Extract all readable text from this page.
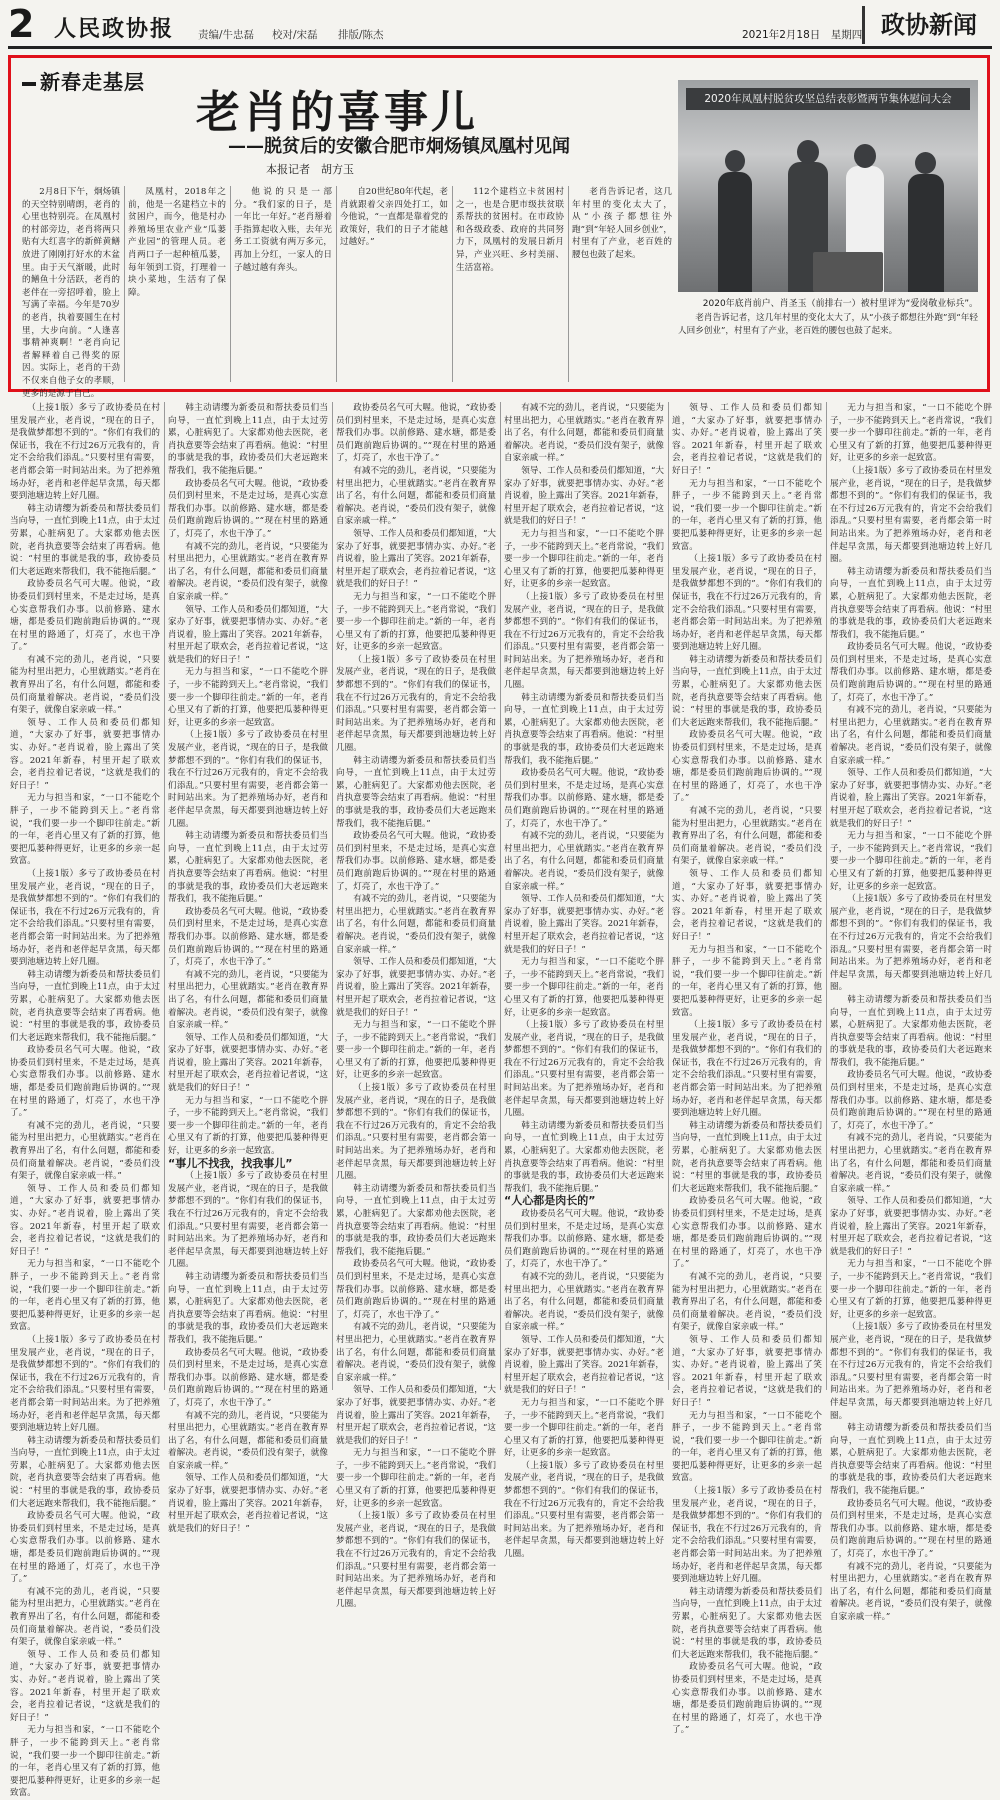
2 人民政协报 责编/牛忠磊 校对/宋磊 排版/陈杰	2021年2月18日　星期四 政协新闻
新春走基层
老肖的喜事儿
——脱贫后的安徽合肥市炯炀镇凤凰村见闻
本报记者　胡方玉
2020年凤凰村脱贫攻坚总结表彰暨两节集体慰问大会
2020年底肖前户、肖圣玉（前排右一）被村里评为“爱岗敬业标兵”。

2月8日下午，炯炀镇的天空特别晴朗，老肖的心里也特别亮。在凤凰村的村部旁边，老肖将两只贴有大红喜字的新鲜黄鳝放进了刚刚打好水的木盆里。由于天气渐暖，此时的鳝鱼十分活跃，老肖的老伴在一旁招呼着，脸上写满了幸福。今年是70岁的老肖，执着要圆生在村里，大步向前。“人逢喜事精神爽啊！”老肖向记者解释着自己得奖的原因。实际上，老肖的干劲不仅来自他子女的孝顺，更多的是源于自己。

凤凰村，2018年之前，他是一名建档立卡的贫困户，而今，他是村办养殖场里农业产业“瓜蒌产业园”的管理人员。老肖两口子一起种植瓜蒌，每年领到工资，打理着一块小菜地，生活有了保障。

他说的只是一部分。“我们家的日子，是一年比一年好。”老肖掰着手指算起收入账，去年光务工工资就有两万多元，再加上分红，一家人的日子越过越有奔头。

自20世纪80年代起，老肖就跟着父亲四处打工，如今他说，“一直都是靠着党的政策好，我们的日子才能越过越好。”

112个建档立卡贫困村之一，也是合肥市级扶贫联系帮扶的贫困村。在市政协和各级政委、政府的共同努力下，凤凰村的发展日新月异，产业兴旺、乡村美丽、生活富裕。

老肖告诉记者，这几年村里的变化太大了，从“小孩子都想往外跑”到“年轻人回乡创业”，村里有了产业，老百姓的腰包也鼓了起来。

老肖告诉记者，这几年村里的变化太大了，从“小孩子都想往外跑”到“年轻人回乡创业”，村里有了产业，老百姓的腰包也鼓了起来。

（上接1版）多亏了政协委员在村里发展产业，老肖说，“现在的日子，是我做梦都想不到的”。“你们有我们的保证书，我在不行过26万元我有的，肯定不会给我们添乱。”只要村里有需要，老肖都会第一时间站出来。为了把养殖场办好，老肖和老伴起早贪黑，每天都要到池塘边转上好几圈。

韩主动请缨为新委员和帮扶委员们当向导，一直忙到晚上11点，由于太过劳累，心脏病犯了。大家都劝他去医院，老肖执意要等会结束了再看病。他说：“村里的事就是我的事，政协委员们大老远跑来帮我们，我不能拖后腿。”

政协委员名气可大喔。他说，“政协委员们到村里来，不是走过场，是真心实意帮我们办事。以前修路、建水塘，都是委员们跑前跑后协调的。”“现在村里的路通了，灯亮了，水也干净了。”

有减不完的劲儿，老肖说，“只要能为村里出把力，心里就踏实。”老肖在教育界出了名，有什么问题，都能和委员们商量着解决。老肖说，“委员们没有架子，就像自家亲戚一样。”

领导、工作人员和委员们都知道，“大家办了好事，就要把事情办实、办好。”老肖说着，脸上露出了笑容。2021年新春，村里开起了联欢会，老肖拉着记者说，“这就是我们的好日子！”

无力与担当和家，“一口不能吃个胖子，一步不能跨到天上。”老肖常说，“我们要一步一个脚印往前走。”新的一年，老肖心里又有了新的打算，他要把瓜蒌种得更好，让更多的乡亲一起致富。

（上接1版）多亏了政协委员在村里发展产业，老肖说，“现在的日子，是我做梦都想不到的”。“你们有我们的保证书，我在不行过26万元我有的，肯定不会给我们添乱。”只要村里有需要，老肖都会第一时间站出来。为了把养殖场办好，老肖和老伴起早贪黑，每天都要到池塘边转上好几圈。

韩主动请缨为新委员和帮扶委员们当向导，一直忙到晚上11点，由于太过劳累，心脏病犯了。大家都劝他去医院，老肖执意要等会结束了再看病。他说：“村里的事就是我的事，政协委员们大老远跑来帮我们，我不能拖后腿。”

政协委员名气可大喔。他说，“政协委员们到村里来，不是走过场，是真心实意帮我们办事。以前修路、建水塘，都是委员们跑前跑后协调的。”“现在村里的路通了，灯亮了，水也干净了。”

有减不完的劲儿，老肖说，“只要能为村里出把力，心里就踏实。”老肖在教育界出了名，有什么问题，都能和委员们商量着解决。老肖说，“委员们没有架子，就像自家亲戚一样。”

领导、工作人员和委员们都知道，“大家办了好事，就要把事情办实、办好。”老肖说着，脸上露出了笑容。2021年新春，村里开起了联欢会，老肖拉着记者说，“这就是我们的好日子！”

无力与担当和家，“一口不能吃个胖子，一步不能跨到天上。”老肖常说，“我们要一步一个脚印往前走。”新的一年，老肖心里又有了新的打算，他要把瓜蒌种得更好，让更多的乡亲一起致富。

（上接1版）多亏了政协委员在村里发展产业，老肖说，“现在的日子，是我做梦都想不到的”。“你们有我们的保证书，我在不行过26万元我有的，肯定不会给我们添乱。”只要村里有需要，老肖都会第一时间站出来。为了把养殖场办好，老肖和老伴起早贪黑，每天都要到池塘边转上好几圈。

韩主动请缨为新委员和帮扶委员们当向导，一直忙到晚上11点，由于太过劳累，心脏病犯了。大家都劝他去医院，老肖执意要等会结束了再看病。他说：“村里的事就是我的事，政协委员们大老远跑来帮我们，我不能拖后腿。”

政协委员名气可大喔。他说，“政协委员们到村里来，不是走过场，是真心实意帮我们办事。以前修路、建水塘，都是委员们跑前跑后协调的。”“现在村里的路通了，灯亮了，水也干净了。”

有减不完的劲儿，老肖说，“只要能为村里出把力，心里就踏实。”老肖在教育界出了名，有什么问题，都能和委员们商量着解决。老肖说，“委员们没有架子，就像自家亲戚一样。”

领导、工作人员和委员们都知道，“大家办了好事，就要把事情办实、办好。”老肖说着，脸上露出了笑容。2021年新春，村里开起了联欢会，老肖拉着记者说，“这就是我们的好日子！”

无力与担当和家，“一口不能吃个胖子，一步不能跨到天上。”老肖常说，“我们要一步一个脚印往前走。”新的一年，老肖心里又有了新的打算，他要把瓜蒌种得更好，让更多的乡亲一起致富。

韩主动请缨为新委员和帮扶委员们当向导，一直忙到晚上11点，由于太过劳累，心脏病犯了。大家都劝他去医院，老肖执意要等会结束了再看病。他说：“村里的事就是我的事，政协委员们大老远跑来帮我们，我不能拖后腿。”

政协委员名气可大喔。他说，“政协委员们到村里来，不是走过场，是真心实意帮我们办事。以前修路、建水塘，都是委员们跑前跑后协调的。”“现在村里的路通了，灯亮了，水也干净了。”

有减不完的劲儿，老肖说，“只要能为村里出把力，心里就踏实。”老肖在教育界出了名，有什么问题，都能和委员们商量着解决。老肖说，“委员们没有架子，就像自家亲戚一样。”

领导、工作人员和委员们都知道，“大家办了好事，就要把事情办实、办好。”老肖说着，脸上露出了笑容。2021年新春，村里开起了联欢会，老肖拉着记者说，“这就是我们的好日子！”

无力与担当和家，“一口不能吃个胖子，一步不能跨到天上。”老肖常说，“我们要一步一个脚印往前走。”新的一年，老肖心里又有了新的打算，他要把瓜蒌种得更好，让更多的乡亲一起致富。

（上接1版）多亏了政协委员在村里发展产业，老肖说，“现在的日子，是我做梦都想不到的”。“你们有我们的保证书，我在不行过26万元我有的，肯定不会给我们添乱。”只要村里有需要，老肖都会第一时间站出来。为了把养殖场办好，老肖和老伴起早贪黑，每天都要到池塘边转上好几圈。

韩主动请缨为新委员和帮扶委员们当向导，一直忙到晚上11点，由于太过劳累，心脏病犯了。大家都劝他去医院，老肖执意要等会结束了再看病。他说：“村里的事就是我的事，政协委员们大老远跑来帮我们，我不能拖后腿。”

政协委员名气可大喔。他说，“政协委员们到村里来，不是走过场，是真心实意帮我们办事。以前修路、建水塘，都是委员们跑前跑后协调的。”“现在村里的路通了，灯亮了，水也干净了。”

有减不完的劲儿，老肖说，“只要能为村里出把力，心里就踏实。”老肖在教育界出了名，有什么问题，都能和委员们商量着解决。老肖说，“委员们没有架子，就像自家亲戚一样。”

领导、工作人员和委员们都知道，“大家办了好事，就要把事情办实、办好。”老肖说着，脸上露出了笑容。2021年新春，村里开起了联欢会，老肖拉着记者说，“这就是我们的好日子！”

无力与担当和家，“一口不能吃个胖子，一步不能跨到天上。”老肖常说，“我们要一步一个脚印往前走。”新的一年，老肖心里又有了新的打算，他要把瓜蒌种得更好，让更多的乡亲一起致富。

“事儿不找我，找我事儿”

（上接1版）多亏了政协委员在村里发展产业，老肖说，“现在的日子，是我做梦都想不到的”。“你们有我们的保证书，我在不行过26万元我有的，肯定不会给我们添乱。”只要村里有需要，老肖都会第一时间站出来。为了把养殖场办好，老肖和老伴起早贪黑，每天都要到池塘边转上好几圈。

韩主动请缨为新委员和帮扶委员们当向导，一直忙到晚上11点，由于太过劳累，心脏病犯了。大家都劝他去医院，老肖执意要等会结束了再看病。他说：“村里的事就是我的事，政协委员们大老远跑来帮我们，我不能拖后腿。”

政协委员名气可大喔。他说，“政协委员们到村里来，不是走过场，是真心实意帮我们办事。以前修路、建水塘，都是委员们跑前跑后协调的。”“现在村里的路通了，灯亮了，水也干净了。”

有减不完的劲儿，老肖说，“只要能为村里出把力，心里就踏实。”老肖在教育界出了名，有什么问题，都能和委员们商量着解决。老肖说，“委员们没有架子，就像自家亲戚一样。”

领导、工作人员和委员们都知道，“大家办了好事，就要把事情办实、办好。”老肖说着，脸上露出了笑容。2021年新春，村里开起了联欢会，老肖拉着记者说，“这就是我们的好日子！”

政协委员名气可大喔。他说，“政协委员们到村里来，不是走过场，是真心实意帮我们办事。以前修路、建水塘，都是委员们跑前跑后协调的。”“现在村里的路通了，灯亮了，水也干净了。”

有减不完的劲儿，老肖说，“只要能为村里出把力，心里就踏实。”老肖在教育界出了名，有什么问题，都能和委员们商量着解决。老肖说，“委员们没有架子，就像自家亲戚一样。”

领导、工作人员和委员们都知道，“大家办了好事，就要把事情办实、办好。”老肖说着，脸上露出了笑容。2021年新春，村里开起了联欢会，老肖拉着记者说，“这就是我们的好日子！”

无力与担当和家，“一口不能吃个胖子，一步不能跨到天上。”老肖常说，“我们要一步一个脚印往前走。”新的一年，老肖心里又有了新的打算，他要把瓜蒌种得更好，让更多的乡亲一起致富。

（上接1版）多亏了政协委员在村里发展产业，老肖说，“现在的日子，是我做梦都想不到的”。“你们有我们的保证书，我在不行过26万元我有的，肯定不会给我们添乱。”只要村里有需要，老肖都会第一时间站出来。为了把养殖场办好，老肖和老伴起早贪黑，每天都要到池塘边转上好几圈。

韩主动请缨为新委员和帮扶委员们当向导，一直忙到晚上11点，由于太过劳累，心脏病犯了。大家都劝他去医院，老肖执意要等会结束了再看病。他说：“村里的事就是我的事，政协委员们大老远跑来帮我们，我不能拖后腿。”

政协委员名气可大喔。他说，“政协委员们到村里来，不是走过场，是真心实意帮我们办事。以前修路、建水塘，都是委员们跑前跑后协调的。”“现在村里的路通了，灯亮了，水也干净了。”

有减不完的劲儿，老肖说，“只要能为村里出把力，心里就踏实。”老肖在教育界出了名，有什么问题，都能和委员们商量着解决。老肖说，“委员们没有架子，就像自家亲戚一样。”

领导、工作人员和委员们都知道，“大家办了好事，就要把事情办实、办好。”老肖说着，脸上露出了笑容。2021年新春，村里开起了联欢会，老肖拉着记者说，“这就是我们的好日子！”

无力与担当和家，“一口不能吃个胖子，一步不能跨到天上。”老肖常说，“我们要一步一个脚印往前走。”新的一年，老肖心里又有了新的打算，他要把瓜蒌种得更好，让更多的乡亲一起致富。

（上接1版）多亏了政协委员在村里发展产业，老肖说，“现在的日子，是我做梦都想不到的”。“你们有我们的保证书，我在不行过26万元我有的，肯定不会给我们添乱。”只要村里有需要，老肖都会第一时间站出来。为了把养殖场办好，老肖和老伴起早贪黑，每天都要到池塘边转上好几圈。

韩主动请缨为新委员和帮扶委员们当向导，一直忙到晚上11点，由于太过劳累，心脏病犯了。大家都劝他去医院，老肖执意要等会结束了再看病。他说：“村里的事就是我的事，政协委员们大老远跑来帮我们，我不能拖后腿。”

政协委员名气可大喔。他说，“政协委员们到村里来，不是走过场，是真心实意帮我们办事。以前修路、建水塘，都是委员们跑前跑后协调的。”“现在村里的路通了，灯亮了，水也干净了。”

有减不完的劲儿，老肖说，“只要能为村里出把力，心里就踏实。”老肖在教育界出了名，有什么问题，都能和委员们商量着解决。老肖说，“委员们没有架子，就像自家亲戚一样。”

领导、工作人员和委员们都知道，“大家办了好事，就要把事情办实、办好。”老肖说着，脸上露出了笑容。2021年新春，村里开起了联欢会，老肖拉着记者说，“这就是我们的好日子！”

无力与担当和家，“一口不能吃个胖子，一步不能跨到天上。”老肖常说，“我们要一步一个脚印往前走。”新的一年，老肖心里又有了新的打算，他要把瓜蒌种得更好，让更多的乡亲一起致富。

（上接1版）多亏了政协委员在村里发展产业，老肖说，“现在的日子，是我做梦都想不到的”。“你们有我们的保证书，我在不行过26万元我有的，肯定不会给我们添乱。”只要村里有需要，老肖都会第一时间站出来。为了把养殖场办好，老肖和老伴起早贪黑，每天都要到池塘边转上好几圈。

有减不完的劲儿，老肖说，“只要能为村里出把力，心里就踏实。”老肖在教育界出了名，有什么问题，都能和委员们商量着解决。老肖说，“委员们没有架子，就像自家亲戚一样。”

领导、工作人员和委员们都知道，“大家办了好事，就要把事情办实、办好。”老肖说着，脸上露出了笑容。2021年新春，村里开起了联欢会，老肖拉着记者说，“这就是我们的好日子！”

无力与担当和家，“一口不能吃个胖子，一步不能跨到天上。”老肖常说，“我们要一步一个脚印往前走。”新的一年，老肖心里又有了新的打算，他要把瓜蒌种得更好，让更多的乡亲一起致富。

（上接1版）多亏了政协委员在村里发展产业，老肖说，“现在的日子，是我做梦都想不到的”。“你们有我们的保证书，我在不行过26万元我有的，肯定不会给我们添乱。”只要村里有需要，老肖都会第一时间站出来。为了把养殖场办好，老肖和老伴起早贪黑，每天都要到池塘边转上好几圈。

韩主动请缨为新委员和帮扶委员们当向导，一直忙到晚上11点，由于太过劳累，心脏病犯了。大家都劝他去医院，老肖执意要等会结束了再看病。他说：“村里的事就是我的事，政协委员们大老远跑来帮我们，我不能拖后腿。”

政协委员名气可大喔。他说，“政协委员们到村里来，不是走过场，是真心实意帮我们办事。以前修路、建水塘，都是委员们跑前跑后协调的。”“现在村里的路通了，灯亮了，水也干净了。”

有减不完的劲儿，老肖说，“只要能为村里出把力，心里就踏实。”老肖在教育界出了名，有什么问题，都能和委员们商量着解决。老肖说，“委员们没有架子，就像自家亲戚一样。”

领导、工作人员和委员们都知道，“大家办了好事，就要把事情办实、办好。”老肖说着，脸上露出了笑容。2021年新春，村里开起了联欢会，老肖拉着记者说，“这就是我们的好日子！”

无力与担当和家，“一口不能吃个胖子，一步不能跨到天上。”老肖常说，“我们要一步一个脚印往前走。”新的一年，老肖心里又有了新的打算，他要把瓜蒌种得更好，让更多的乡亲一起致富。

（上接1版）多亏了政协委员在村里发展产业，老肖说，“现在的日子，是我做梦都想不到的”。“你们有我们的保证书，我在不行过26万元我有的，肯定不会给我们添乱。”只要村里有需要，老肖都会第一时间站出来。为了把养殖场办好，老肖和老伴起早贪黑，每天都要到池塘边转上好几圈。

韩主动请缨为新委员和帮扶委员们当向导，一直忙到晚上11点，由于太过劳累，心脏病犯了。大家都劝他去医院，老肖执意要等会结束了再看病。他说：“村里的事就是我的事，政协委员们大老远跑来帮我们，我不能拖后腿。”

“人心都是肉长的”

政协委员名气可大喔。他说，“政协委员们到村里来，不是走过场，是真心实意帮我们办事。以前修路、建水塘，都是委员们跑前跑后协调的。”“现在村里的路通了，灯亮了，水也干净了。”

有减不完的劲儿，老肖说，“只要能为村里出把力，心里就踏实。”老肖在教育界出了名，有什么问题，都能和委员们商量着解决。老肖说，“委员们没有架子，就像自家亲戚一样。”

领导、工作人员和委员们都知道，“大家办了好事，就要把事情办实、办好。”老肖说着，脸上露出了笑容。2021年新春，村里开起了联欢会，老肖拉着记者说，“这就是我们的好日子！”

无力与担当和家，“一口不能吃个胖子，一步不能跨到天上。”老肖常说，“我们要一步一个脚印往前走。”新的一年，老肖心里又有了新的打算，他要把瓜蒌种得更好，让更多的乡亲一起致富。

（上接1版）多亏了政协委员在村里发展产业，老肖说，“现在的日子，是我做梦都想不到的”。“你们有我们的保证书，我在不行过26万元我有的，肯定不会给我们添乱。”只要村里有需要，老肖都会第一时间站出来。为了把养殖场办好，老肖和老伴起早贪黑，每天都要到池塘边转上好几圈。

领导、工作人员和委员们都知道，“大家办了好事，就要把事情办实、办好。”老肖说着，脸上露出了笑容。2021年新春，村里开起了联欢会，老肖拉着记者说，“这就是我们的好日子！”

无力与担当和家，“一口不能吃个胖子，一步不能跨到天上。”老肖常说，“我们要一步一个脚印往前走。”新的一年，老肖心里又有了新的打算，他要把瓜蒌种得更好，让更多的乡亲一起致富。

（上接1版）多亏了政协委员在村里发展产业，老肖说，“现在的日子，是我做梦都想不到的”。“你们有我们的保证书，我在不行过26万元我有的，肯定不会给我们添乱。”只要村里有需要，老肖都会第一时间站出来。为了把养殖场办好，老肖和老伴起早贪黑，每天都要到池塘边转上好几圈。

韩主动请缨为新委员和帮扶委员们当向导，一直忙到晚上11点，由于太过劳累，心脏病犯了。大家都劝他去医院，老肖执意要等会结束了再看病。他说：“村里的事就是我的事，政协委员们大老远跑来帮我们，我不能拖后腿。”

政协委员名气可大喔。他说，“政协委员们到村里来，不是走过场，是真心实意帮我们办事。以前修路、建水塘，都是委员们跑前跑后协调的。”“现在村里的路通了，灯亮了，水也干净了。”

有减不完的劲儿，老肖说，“只要能为村里出把力，心里就踏实。”老肖在教育界出了名，有什么问题，都能和委员们商量着解决。老肖说，“委员们没有架子，就像自家亲戚一样。”

领导、工作人员和委员们都知道，“大家办了好事，就要把事情办实、办好。”老肖说着，脸上露出了笑容。2021年新春，村里开起了联欢会，老肖拉着记者说，“这就是我们的好日子！”

无力与担当和家，“一口不能吃个胖子，一步不能跨到天上。”老肖常说，“我们要一步一个脚印往前走。”新的一年，老肖心里又有了新的打算，他要把瓜蒌种得更好，让更多的乡亲一起致富。

（上接1版）多亏了政协委员在村里发展产业，老肖说，“现在的日子，是我做梦都想不到的”。“你们有我们的保证书，我在不行过26万元我有的，肯定不会给我们添乱。”只要村里有需要，老肖都会第一时间站出来。为了把养殖场办好，老肖和老伴起早贪黑，每天都要到池塘边转上好几圈。

韩主动请缨为新委员和帮扶委员们当向导，一直忙到晚上11点，由于太过劳累，心脏病犯了。大家都劝他去医院，老肖执意要等会结束了再看病。他说：“村里的事就是我的事，政协委员们大老远跑来帮我们，我不能拖后腿。”

政协委员名气可大喔。他说，“政协委员们到村里来，不是走过场，是真心实意帮我们办事。以前修路、建水塘，都是委员们跑前跑后协调的。”“现在村里的路通了，灯亮了，水也干净了。”

有减不完的劲儿，老肖说，“只要能为村里出把力，心里就踏实。”老肖在教育界出了名，有什么问题，都能和委员们商量着解决。老肖说，“委员们没有架子，就像自家亲戚一样。”

领导、工作人员和委员们都知道，“大家办了好事，就要把事情办实、办好。”老肖说着，脸上露出了笑容。2021年新春，村里开起了联欢会，老肖拉着记者说，“这就是我们的好日子！”

无力与担当和家，“一口不能吃个胖子，一步不能跨到天上。”老肖常说，“我们要一步一个脚印往前走。”新的一年，老肖心里又有了新的打算，他要把瓜蒌种得更好，让更多的乡亲一起致富。

（上接1版）多亏了政协委员在村里发展产业，老肖说，“现在的日子，是我做梦都想不到的”。“你们有我们的保证书，我在不行过26万元我有的，肯定不会给我们添乱。”只要村里有需要，老肖都会第一时间站出来。为了把养殖场办好，老肖和老伴起早贪黑，每天都要到池塘边转上好几圈。

韩主动请缨为新委员和帮扶委员们当向导，一直忙到晚上11点，由于太过劳累，心脏病犯了。大家都劝他去医院，老肖执意要等会结束了再看病。他说：“村里的事就是我的事，政协委员们大老远跑来帮我们，我不能拖后腿。”

政协委员名气可大喔。他说，“政协委员们到村里来，不是走过场，是真心实意帮我们办事。以前修路、建水塘，都是委员们跑前跑后协调的。”“现在村里的路通了，灯亮了，水也干净了。”

无力与担当和家，“一口不能吃个胖子，一步不能跨到天上。”老肖常说，“我们要一步一个脚印往前走。”新的一年，老肖心里又有了新的打算，他要把瓜蒌种得更好，让更多的乡亲一起致富。

（上接1版）多亏了政协委员在村里发展产业，老肖说，“现在的日子，是我做梦都想不到的”。“你们有我们的保证书，我在不行过26万元我有的，肯定不会给我们添乱。”只要村里有需要，老肖都会第一时间站出来。为了把养殖场办好，老肖和老伴起早贪黑，每天都要到池塘边转上好几圈。

韩主动请缨为新委员和帮扶委员们当向导，一直忙到晚上11点，由于太过劳累，心脏病犯了。大家都劝他去医院，老肖执意要等会结束了再看病。他说：“村里的事就是我的事，政协委员们大老远跑来帮我们，我不能拖后腿。”

政协委员名气可大喔。他说，“政协委员们到村里来，不是走过场，是真心实意帮我们办事。以前修路、建水塘，都是委员们跑前跑后协调的。”“现在村里的路通了，灯亮了，水也干净了。”

有减不完的劲儿，老肖说，“只要能为村里出把力，心里就踏实。”老肖在教育界出了名，有什么问题，都能和委员们商量着解决。老肖说，“委员们没有架子，就像自家亲戚一样。”

领导、工作人员和委员们都知道，“大家办了好事，就要把事情办实、办好。”老肖说着，脸上露出了笑容。2021年新春，村里开起了联欢会，老肖拉着记者说，“这就是我们的好日子！”

无力与担当和家，“一口不能吃个胖子，一步不能跨到天上。”老肖常说，“我们要一步一个脚印往前走。”新的一年，老肖心里又有了新的打算，他要把瓜蒌种得更好，让更多的乡亲一起致富。

（上接1版）多亏了政协委员在村里发展产业，老肖说，“现在的日子，是我做梦都想不到的”。“你们有我们的保证书，我在不行过26万元我有的，肯定不会给我们添乱。”只要村里有需要，老肖都会第一时间站出来。为了把养殖场办好，老肖和老伴起早贪黑，每天都要到池塘边转上好几圈。

韩主动请缨为新委员和帮扶委员们当向导，一直忙到晚上11点，由于太过劳累，心脏病犯了。大家都劝他去医院，老肖执意要等会结束了再看病。他说：“村里的事就是我的事，政协委员们大老远跑来帮我们，我不能拖后腿。”

政协委员名气可大喔。他说，“政协委员们到村里来，不是走过场，是真心实意帮我们办事。以前修路、建水塘，都是委员们跑前跑后协调的。”“现在村里的路通了，灯亮了，水也干净了。”

有减不完的劲儿，老肖说，“只要能为村里出把力，心里就踏实。”老肖在教育界出了名，有什么问题，都能和委员们商量着解决。老肖说，“委员们没有架子，就像自家亲戚一样。”

领导、工作人员和委员们都知道，“大家办了好事，就要把事情办实、办好。”老肖说着，脸上露出了笑容。2021年新春，村里开起了联欢会，老肖拉着记者说，“这就是我们的好日子！”

无力与担当和家，“一口不能吃个胖子，一步不能跨到天上。”老肖常说，“我们要一步一个脚印往前走。”新的一年，老肖心里又有了新的打算，他要把瓜蒌种得更好，让更多的乡亲一起致富。

（上接1版）多亏了政协委员在村里发展产业，老肖说，“现在的日子，是我做梦都想不到的”。“你们有我们的保证书，我在不行过26万元我有的，肯定不会给我们添乱。”只要村里有需要，老肖都会第一时间站出来。为了把养殖场办好，老肖和老伴起早贪黑，每天都要到池塘边转上好几圈。

韩主动请缨为新委员和帮扶委员们当向导，一直忙到晚上11点，由于太过劳累，心脏病犯了。大家都劝他去医院，老肖执意要等会结束了再看病。他说：“村里的事就是我的事，政协委员们大老远跑来帮我们，我不能拖后腿。”

政协委员名气可大喔。他说，“政协委员们到村里来，不是走过场，是真心实意帮我们办事。以前修路、建水塘，都是委员们跑前跑后协调的。”“现在村里的路通了，灯亮了，水也干净了。”

有减不完的劲儿，老肖说，“只要能为村里出把力，心里就踏实。”老肖在教育界出了名，有什么问题，都能和委员们商量着解决。老肖说，“委员们没有架子，就像自家亲戚一样。”
